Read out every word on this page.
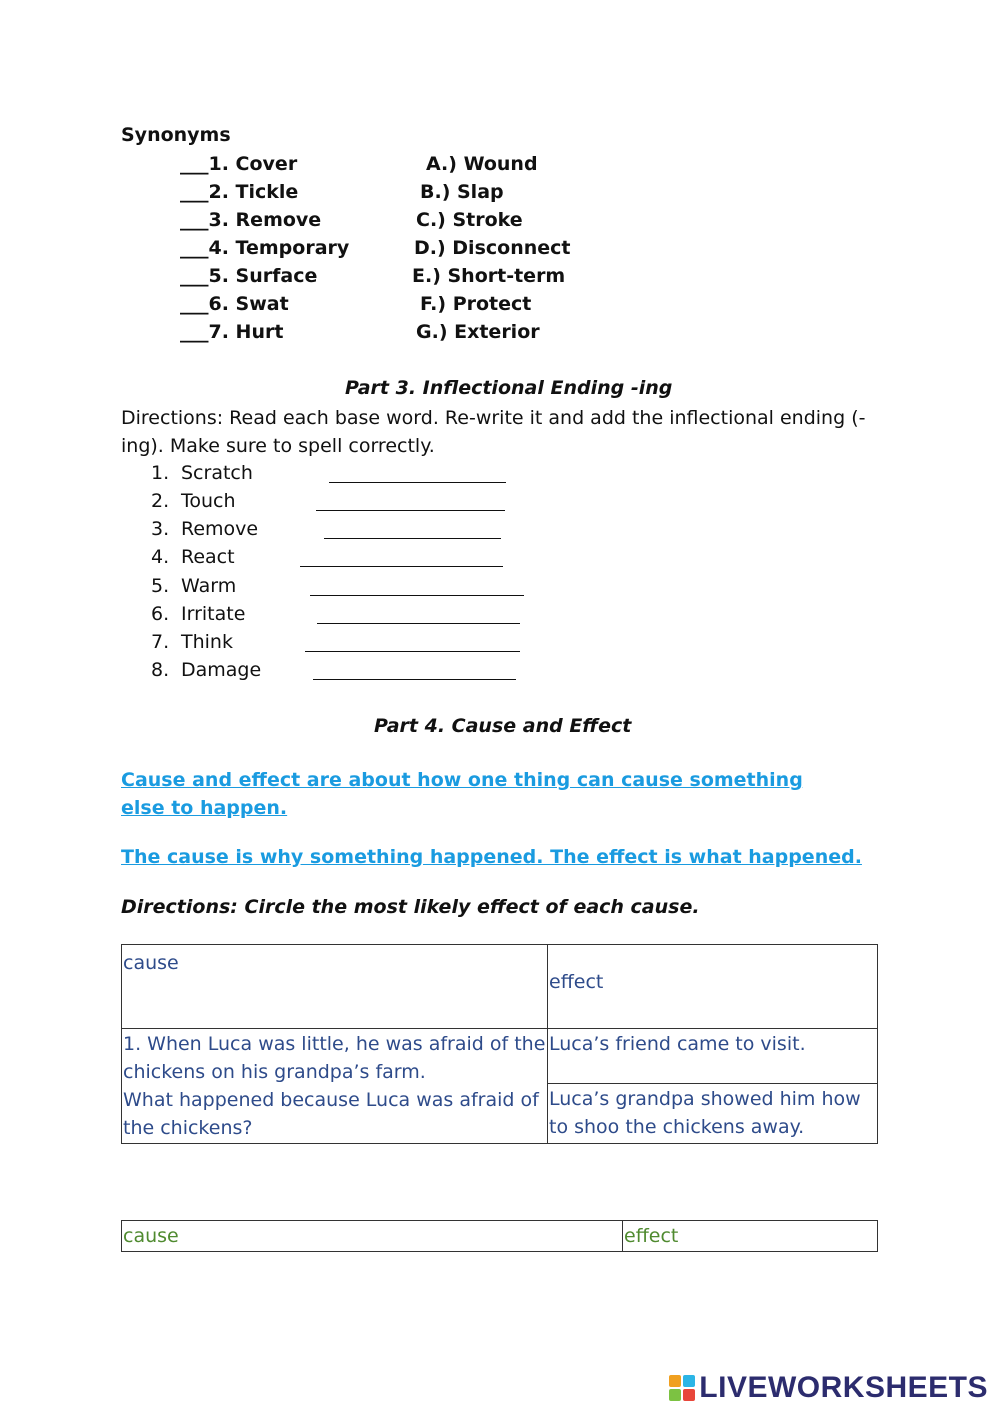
Synonyms
___1. Cover	A.) Wound
___2. Tickle	B.) Slap
___3. Remove	C.) Stroke
___4. Temporary	D.) Disconnect
___5. Surface	E.) Short-term
___6. Swat	F.) Protect
___7. Hurt	G.) Exterior
Part 3. Inflectional Ending -ing
Directions: Read each base word. Re-write it and add the inflectional ending (-ing). Make sure to spell correctly.
1. Scratch
2. Touch
3. Remove
4. React
5. Warm
6. Irritate
7. Think
8. Damage
Part 4. Cause and Effect
Cause and effect are about how one thing can cause something else to happen.
The cause is why something happened. The effect is what happened.
Directions: Circle the most likely effect of each cause.
cause	effect

1. When Luca was little, he was afraid of the chickens on his grandpa’s farm.
What happened because Luca was afraid of the chickens?	Luca’s friend came to visit.

	Luca’s grandpa showed him how to shoo the chickens away.
cause	effect
LIVEWORKSHEETS
